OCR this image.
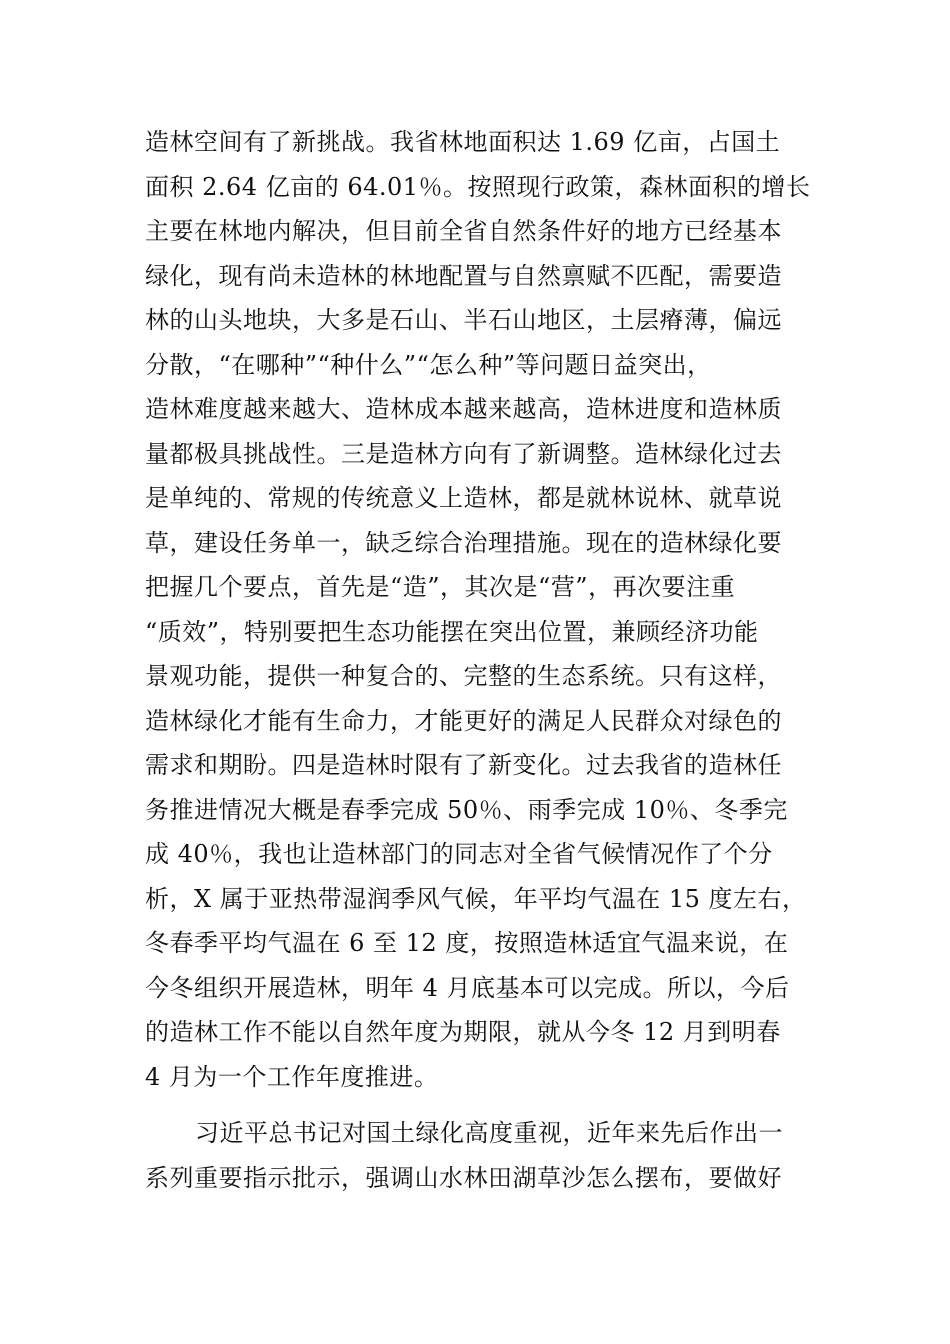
造林空间有了新挑战。我省林地面积达 1.69 亿亩，占国土
面积 2.64 亿亩的 64.01％。按照现行政策，森林面积的增长
主要在林地内解决，但目前全省自然条件好的地方已经基本
绿化，现有尚未造林的林地配置与自然禀赋不匹配，需要造
林的山头地块，大多是石山、半石山地区，土层瘠薄，偏远
分散，“在哪种”“种什么”“怎么种”等问题日益突出，
造林难度越来越大、造林成本越来越高，造林进度和造林质
量都极具挑战性。三是造林方向有了新调整。造林绿化过去
是单纯的、常规的传统意义上造林，都是就林说林、就草说
草，建设任务单一，缺乏综合治理措施。现在的造林绿化要
把握几个要点，首先是“造”，其次是“营”，再次要注重
“质效”，特别要把生态功能摆在突出位置，兼顾经济功能
景观功能，提供一种复合的、完整的生态系统。只有这样，
造林绿化才能有生命力，才能更好的满足人民群众对绿色的
需求和期盼。四是造林时限有了新变化。过去我省的造林任
务推进情况大概是春季完成 50％、雨季完成 10％、冬季完
成 40％，我也让造林部门的同志对全省气候情况作了个分
析，X 属于亚热带湿润季风气候，年平均气温在 15 度左右，
冬春季平均气温在 6 至 12 度，按照造林适宜气温来说，在
今冬组织开展造林，明年 4 月底基本可以完成。所以，今后
的造林工作不能以自然年度为期限，就从今冬 12 月到明春
4 月为一个工作年度推进。
习近平总书记对国土绿化高度重视，近年来先后作出一
系列重要指示批示，强调山水林田湖草沙怎么摆布，要做好
